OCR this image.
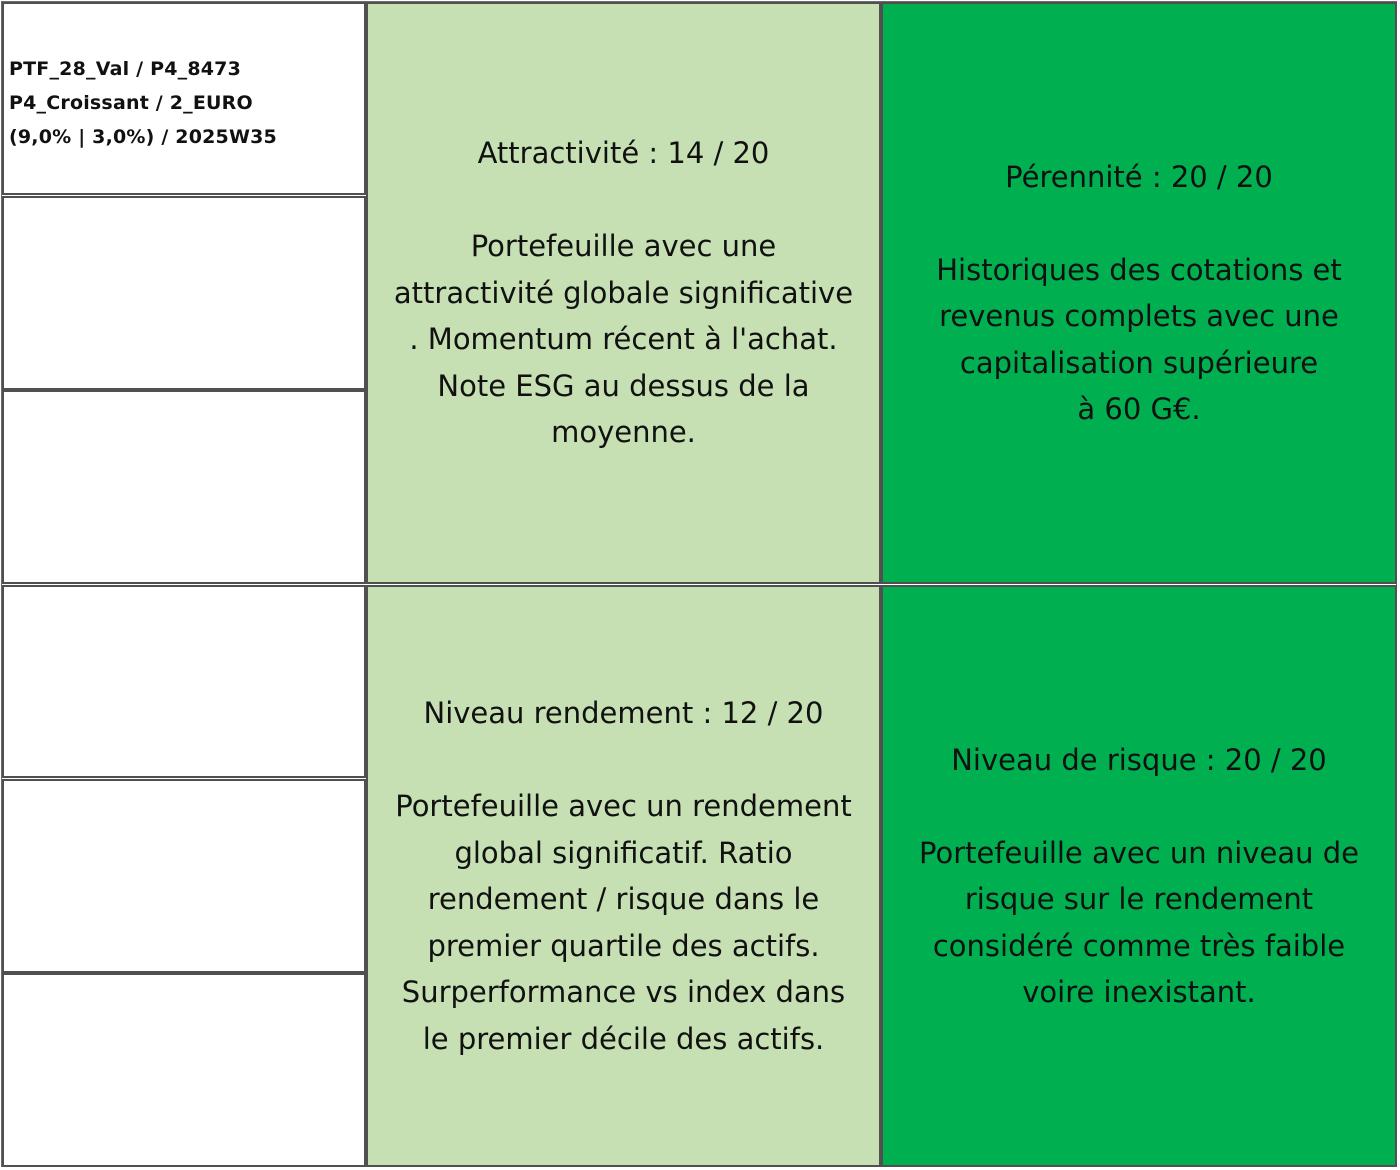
PTF_28_Val / P4_8473
P4_Croissant / 2_EURO
(9,0% | 3,0%) / 2025W35	Attractivité : 14 / 20
Portefeuille avec une
attractivité globale significative
. Momentum récent à l'achat.
Note ESG au dessus de la
moyenne.
Pérennité : 20 / 20
Historiques des cotations et
revenus complets avec une
capitalisation supérieure
à 60 G€.
Niveau rendement : 12 / 20
Portefeuille avec un rendement
global significatif. Ratio
rendement / risque dans le
premier quartile des actifs.
Surperformance vs index dans
le premier décile des actifs.
Niveau de risque : 20 / 20
Portefeuille avec un niveau de
risque sur le rendement
considéré comme très faible
voire inexistant.
